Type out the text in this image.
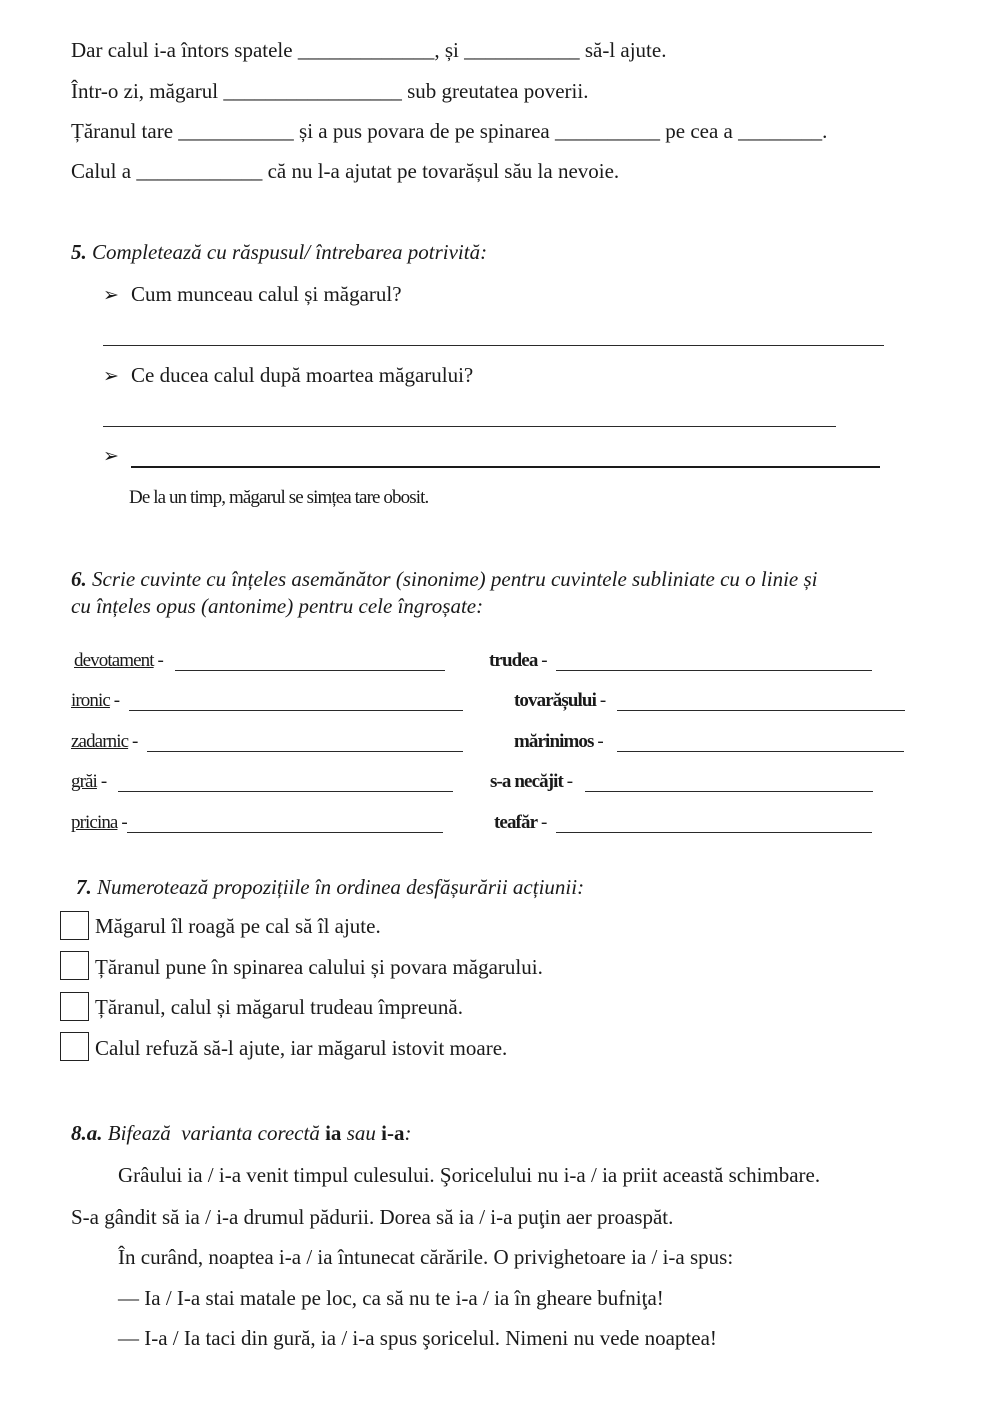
Dar calul i-a întors spatele _____________, și ___________ să-l ajute.
Într-o zi, măgarul _________________ sub greutatea poverii.
Țăranul tare ___________ și a pus povara de pe spinarea __________ pe cea a ________.
Calul a ____________ că nu l-a ajutat pe tovarășul său la nevoie.
5. Completează cu răspusul/ întrebarea potrivită:
➢ Cum munceau calul și măgarul?
➢ Ce ducea calul după moartea măgarului?
➢
De la un timp, măgarul se simțea tare obosit.
6. Scrie cuvinte cu înțeles asemănător (sinonime) pentru cuvintele subliniate cu o linie și
cu înțeles opus (antonime) pentru cele îngroșate:
devotament -
ironic -
zadarnic -
grăi -
pricina -
trudea -
tovarășului -
mărinimos -
s-a necăjit -
teafăr -
7. Numerotează propozițiile în ordinea desfășurării acțiunii:
Măgarul îl roagă pe cal să îl ajute.
Țăranul pune în spinarea calului și povara măgarului.
Țăranul, calul și măgarul trudeau împreună.
Calul refuză să-l ajute, iar măgarul istovit moare.
8.a. Bifează  varianta corectă ia sau i-a:
Grâului ia / i-a venit timpul culesului. Şoricelului nu i-a / ia priit această schimbare.
S-a gândit să ia / i-a drumul pădurii. Dorea să ia / i-a puţin aer proaspăt.
În curând, noaptea i-a / ia întunecat cărările. O privighetoare ia / i-a spus:
— Ia / I-a stai matale pe loc, ca să nu te i-a / ia în gheare bufniţa!
— I-a / Ia taci din gură, ia / i-a spus şoricelul. Nimeni nu vede noaptea!
